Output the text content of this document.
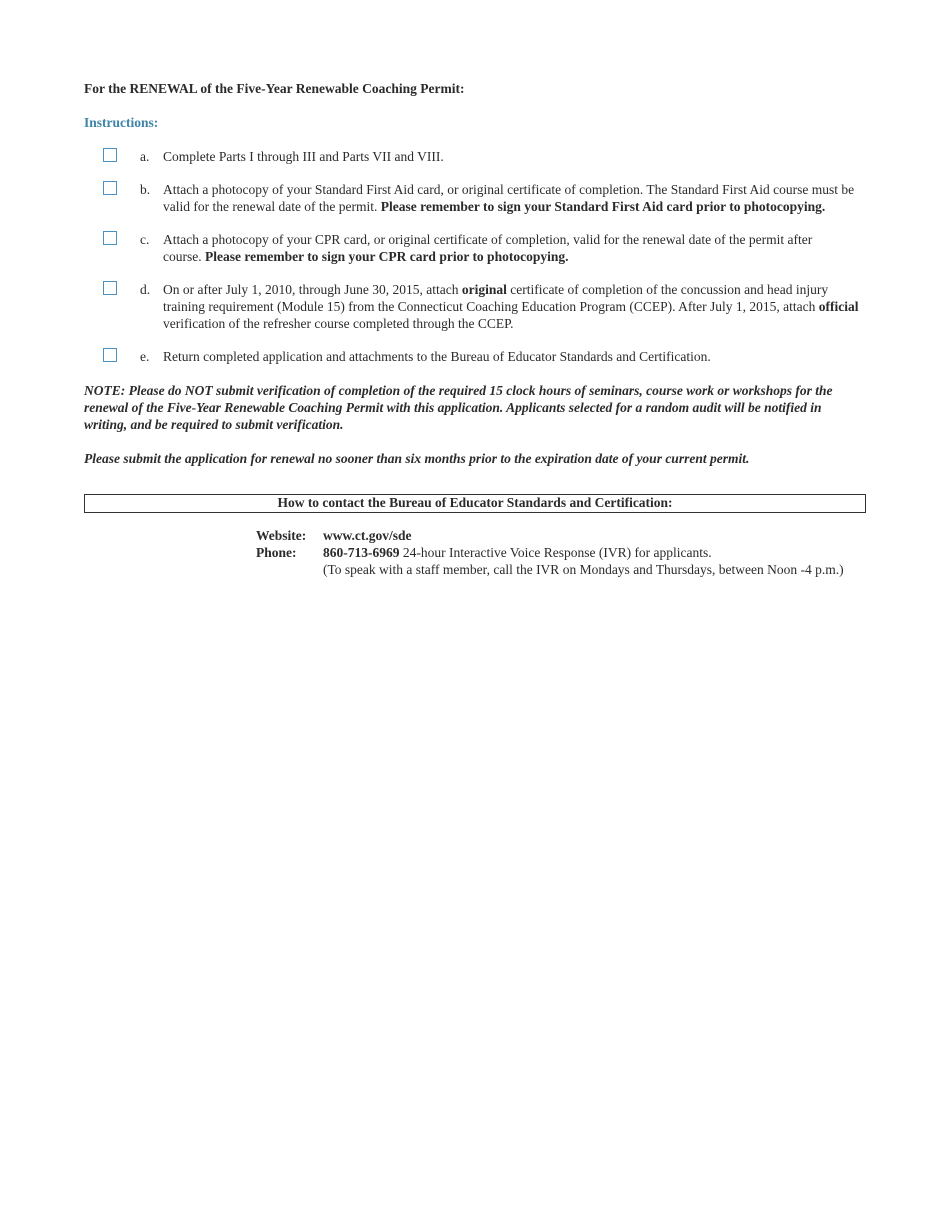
For the RENEWAL of the Five-Year Renewable Coaching Permit:
Instructions:
a. Complete Parts I through III and Parts VII and VIII.
b. Attach a photocopy of your Standard First Aid card, or original certificate of completion. The Standard First Aid course must be valid for the renewal date of the permit. Please remember to sign your Standard First Aid card prior to photocopying.
c. Attach a photocopy of your CPR card, or original certificate of completion, valid for the renewal date of the permit after course. Please remember to sign your CPR card prior to photocopying.
d. On or after July 1, 2010, through June 30, 2015, attach original certificate of completion of the concussion and head injury training requirement (Module 15) from the Connecticut Coaching Education Program (CCEP). After July 1, 2015, attach official verification of the refresher course completed through the CCEP.
e. Return completed application and attachments to the Bureau of Educator Standards and Certification.
NOTE: Please do NOT submit verification of completion of the required 15 clock hours of seminars, course work or workshops for the renewal of the Five-Year Renewable Coaching Permit with this application. Applicants selected for a random audit will be notified in writing, and be required to submit verification.
Please submit the application for renewal no sooner than six months prior to the expiration date of your current permit.
How to contact the Bureau of Educator Standards and Certification:
Website: www.ct.gov/sde
Phone: 860-713-6969 24-hour Interactive Voice Response (IVR) for applicants.
(To speak with a staff member, call the IVR on Mondays and Thursdays, between Noon -4 p.m.)
